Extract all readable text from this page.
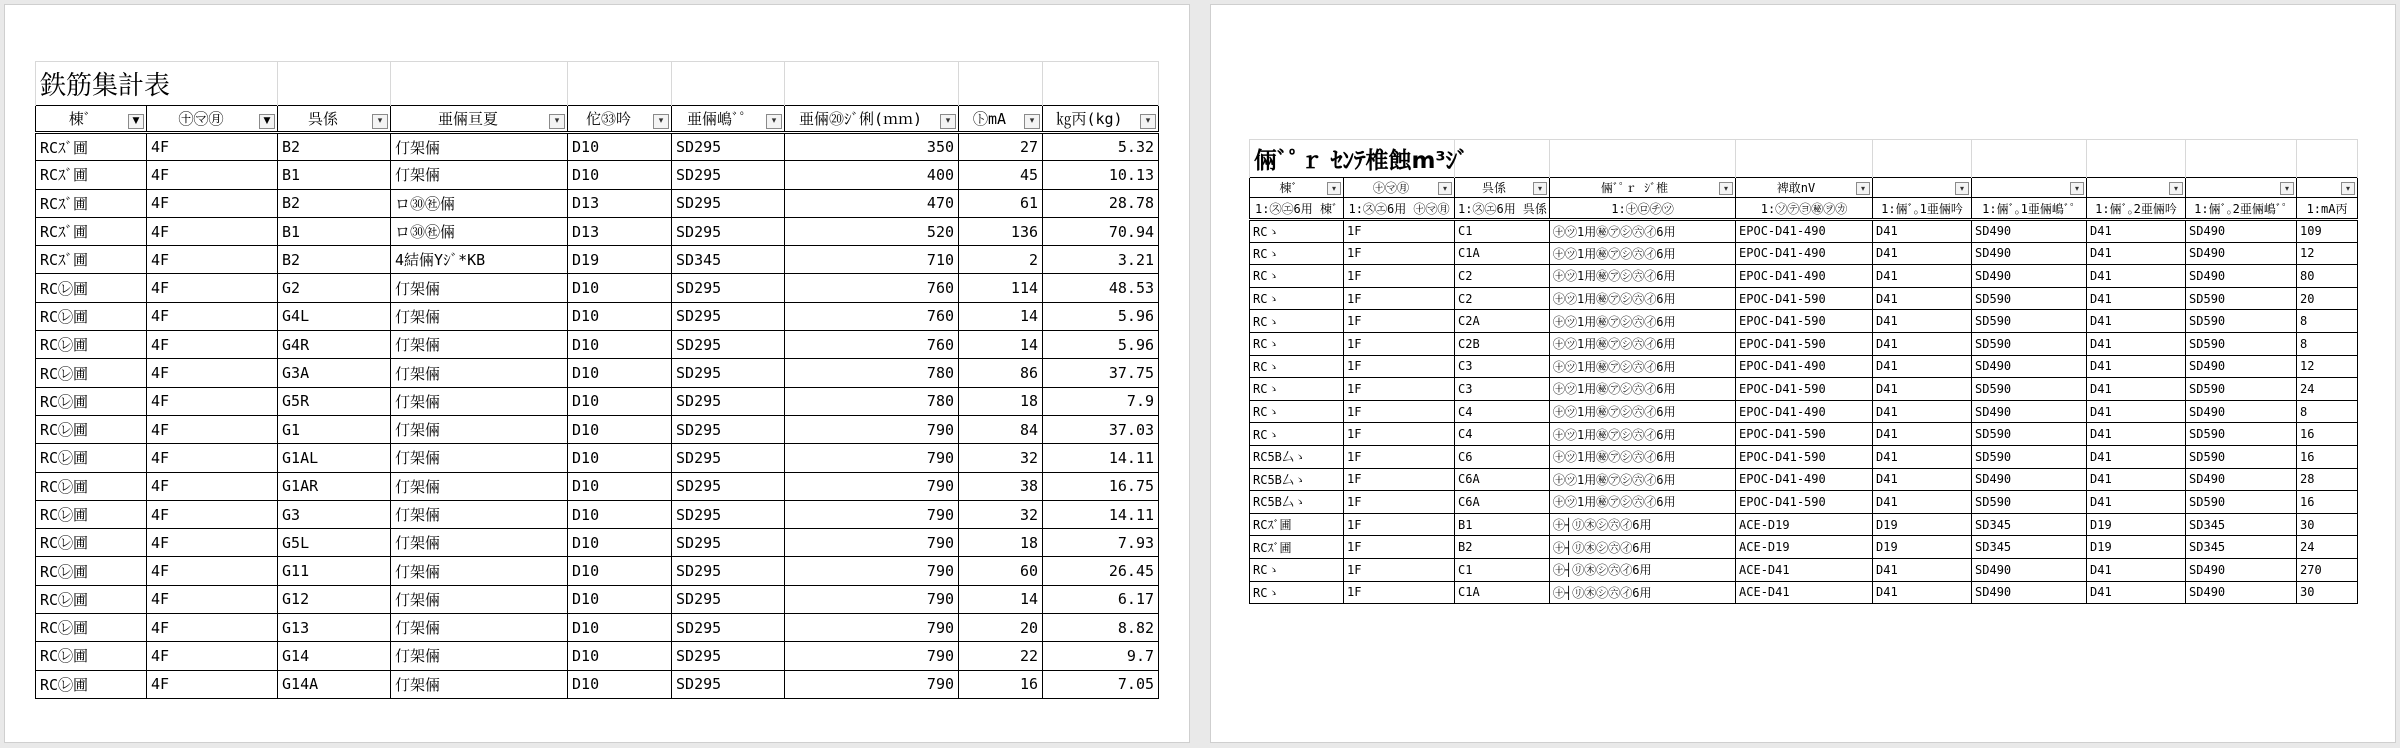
鉄筋集計表								
棟ﾞ ▼	㊉㋮㊊ ▼	呉係 ▾	亜倆亘夏 ▾	佗㉝吟 ▾	亜倆嶋ﾞﾟ ▾	亜倆⑳ｼﾞ俐(ｍｍ) ▾	㋣mA ▾	㎏丙(kg) ▾

RCｽﾞ圃	4F	B2	仃架倆	D10	SD295	350	27	5.32
RCｽﾞ圃	4F	B1	仃架倆	D10	SD295	400	45	10.13
RCｽﾞ圃	4F	B2	ロ㉚㊓倆	D13	SD295	470	61	28.78
RCｽﾞ圃	4F	B1	ロ㉚㊓倆	D13	SD295	520	136	70.94
RCｽﾞ圃	4F	B2	4結倆Yｼﾞ*KB	D19	SD345	710	2	3.21
RC㋹圃	4F	G2	仃架倆	D10	SD295	760	114	48.53
RC㋹圃	4F	G4L	仃架倆	D10	SD295	760	14	5.96
RC㋹圃	4F	G4R	仃架倆	D10	SD295	760	14	5.96
RC㋹圃	4F	G3A	仃架倆	D10	SD295	780	86	37.75
RC㋹圃	4F	G5R	仃架倆	D10	SD295	780	18	7.9
RC㋹圃	4F	G1	仃架倆	D10	SD295	790	84	37.03
RC㋹圃	4F	G1AL	仃架倆	D10	SD295	790	32	14.11
RC㋹圃	4F	G1AR	仃架倆	D10	SD295	790	38	16.75
RC㋹圃	4F	G3	仃架倆	D10	SD295	790	32	14.11
RC㋹圃	4F	G5L	仃架倆	D10	SD295	790	18	7.93
RC㋹圃	4F	G11	仃架倆	D10	SD295	790	60	26.45
RC㋹圃	4F	G12	仃架倆	D10	SD295	790	14	6.17
RC㋹圃	4F	G13	仃架倆	D10	SD295	790	20	8.82
RC㋹圃	4F	G14	仃架倆	D10	SD295	790	22	9.7
RC㋹圃	4F	G14A	仃架倆	D10	SD295	790	16	7.05
倆ﾞﾟｒ ｾﾝﾃ椎蝕m³ｼﾞ									
棟ﾞ ▾	㊉㋮㊊ ▾	呉係 ▾	倆ﾞﾟｒ ｼﾞ椎 ▾	裨敢nV ▾	▾	▾	▾	▾	▾

1:㋜㋓6用 棟ﾞ	1:㋜㋓6用 ㊉㋮㊊	1:㋜㋓6用 呉係	1:㊉㋺㋠㋡	1:㋞㋢㋵㊙㋾㋕	1:倆ﾞ｡1亜倆吟	1:倆ﾞ｡1亜倆嶋ﾞﾟ	1:倆ﾞ｡2亜倆吟	1:倆ﾞ｡2亜倆嶋ﾞﾟ	1:mA丙
RCゝ	1F	C1	㊉㋡1用㊙㋐㋛㊅㋑6用	EPOC-D41-490	D41	SD490	D41	SD490	109
RCゝ	1F	C1A	㊉㋡1用㊙㋐㋛㊅㋑6用	EPOC-D41-490	D41	SD490	D41	SD490	12
RCゝ	1F	C2	㊉㋡1用㊙㋐㋛㊅㋑6用	EPOC-D41-490	D41	SD490	D41	SD490	80
RCゝ	1F	C2	㊉㋡1用㊙㋐㋛㊅㋑6用	EPOC-D41-590	D41	SD590	D41	SD590	20
RCゝ	1F	C2A	㊉㋡1用㊙㋐㋛㊅㋑6用	EPOC-D41-590	D41	SD590	D41	SD590	8
RCゝ	1F	C2B	㊉㋡1用㊙㋐㋛㊅㋑6用	EPOC-D41-590	D41	SD590	D41	SD590	8
RCゝ	1F	C3	㊉㋡1用㊙㋐㋛㊅㋑6用	EPOC-D41-490	D41	SD490	D41	SD490	12
RCゝ	1F	C3	㊉㋡1用㊙㋐㋛㊅㋑6用	EPOC-D41-590	D41	SD590	D41	SD590	24
RCゝ	1F	C4	㊉㋡1用㊙㋐㋛㊅㋑6用	EPOC-D41-490	D41	SD490	D41	SD490	8
RCゝ	1F	C4	㊉㋡1用㊙㋐㋛㊅㋑6用	EPOC-D41-590	D41	SD590	D41	SD590	16
RC5B厶ゝ	1F	C6	㊉㋡1用㊙㋐㋛㊅㋑6用	EPOC-D41-590	D41	SD590	D41	SD590	16
RC5B厶ゝ	1F	C6A	㊉㋡1用㊙㋐㋛㊅㋑6用	EPOC-D41-490	D41	SD490	D41	SD490	28
RC5B厶ゝ	1F	C6A	㊉㋡1用㊙㋐㋛㊅㋑6用	EPOC-D41-590	D41	SD590	D41	SD590	16
RCｽﾞ圃	1F	B1	㊉┤㋷㊍㋛㊅㋑6用	ACE-D19	D19	SD345	D19	SD345	30
RCｽﾞ圃	1F	B2	㊉┤㋷㊍㋛㊅㋑6用	ACE-D19	D19	SD345	D19	SD345	24
RCゝ	1F	C1	㊉┤㋷㊍㋛㊅㋑6用	ACE-D41	D41	SD490	D41	SD490	270
RCゝ	1F	C1A	㊉┤㋷㊍㋛㊅㋑6用	ACE-D41	D41	SD490	D41	SD490	30
